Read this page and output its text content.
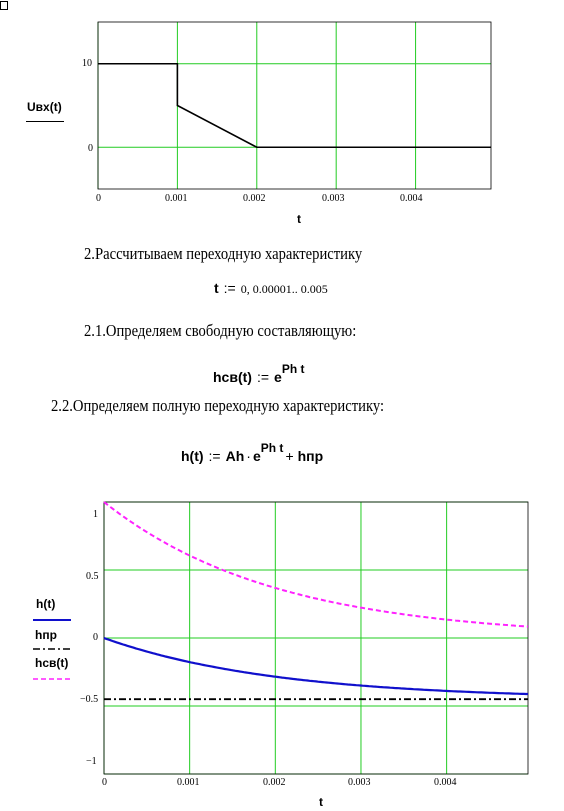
10
0
0	0.001	0.002	0.003	0.004
Uвх(t)
t
2.Рассчитываем переходную характеристику
t := 0, 0.00001.. 0.005
2.1.Определяем свободную составляющую:
hсв(t) := ePh t
2.2.Определяем полную переходную характеристику:
h(t) := Ah · ePh t + hпр
1
0.5
0
−0.5
−1
0	0.001	0.002	0.003	0.004
t
h(t)
hпр
hсв(t)
